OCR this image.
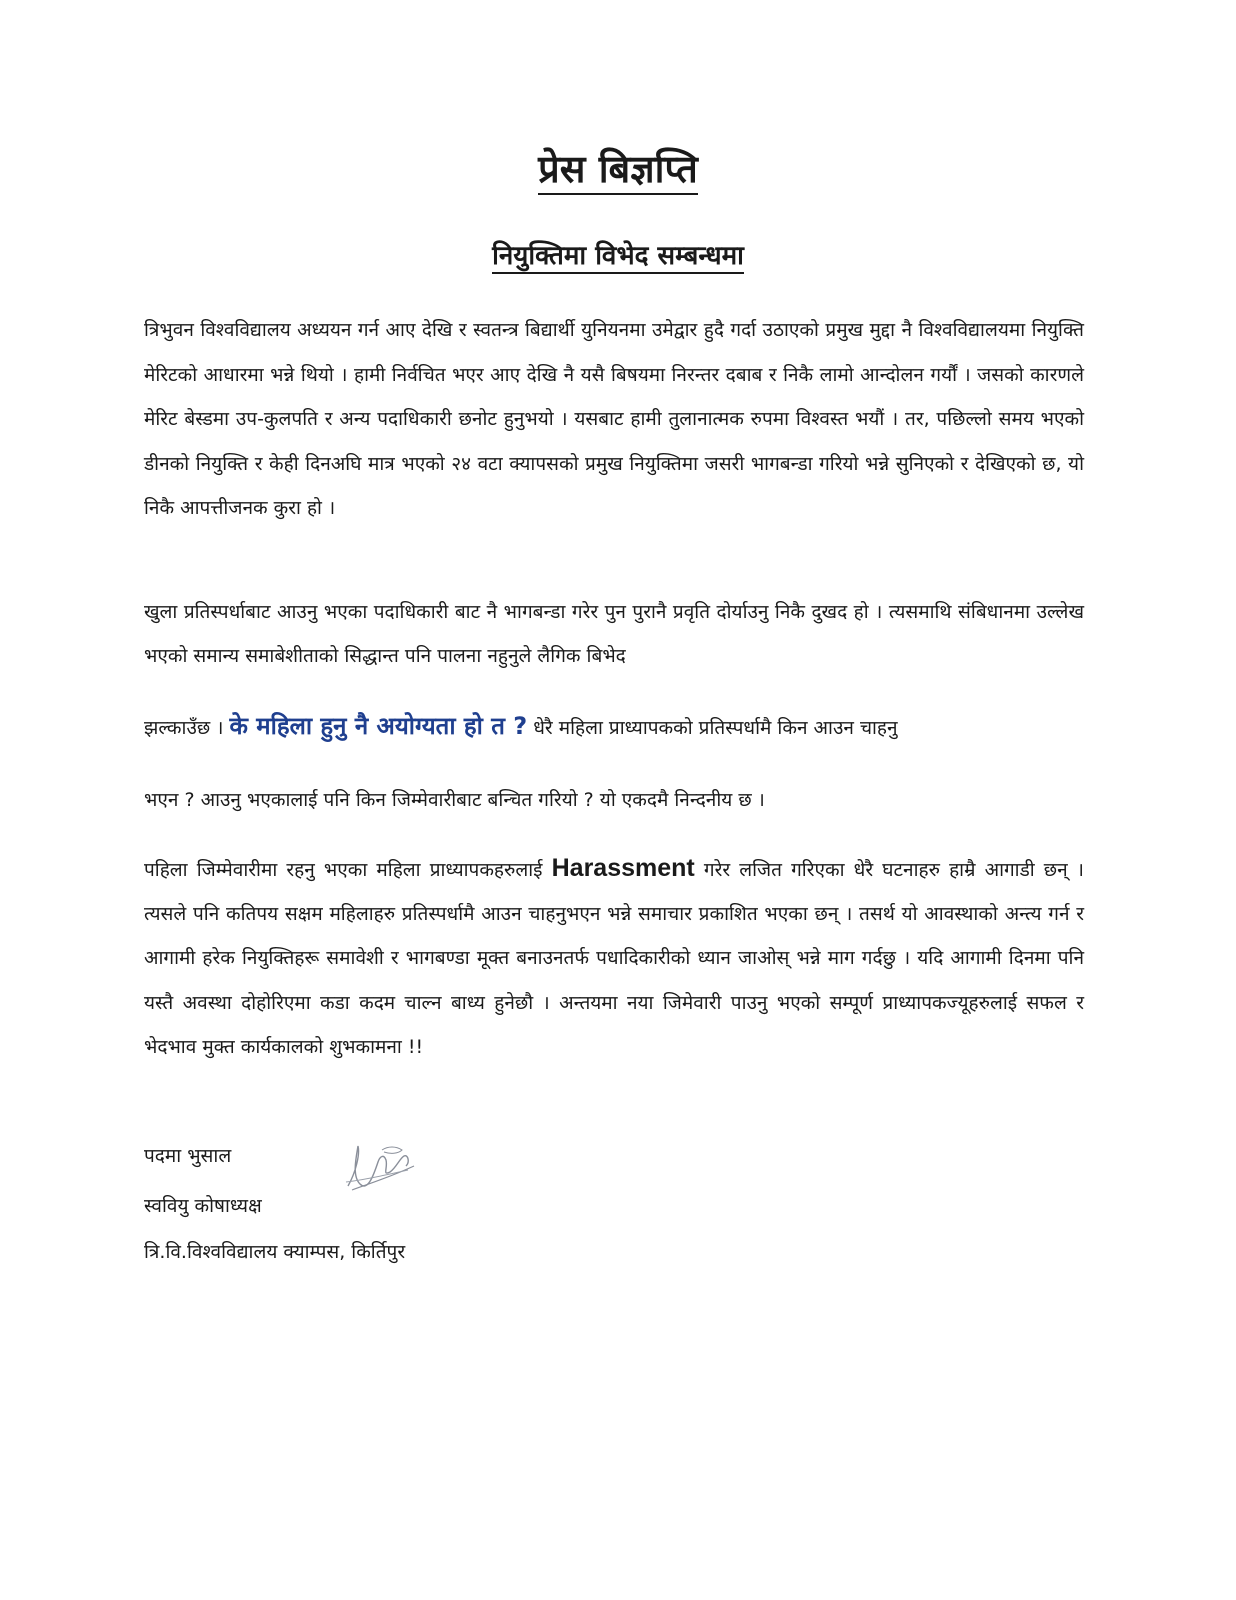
प्रेस बिज्ञप्ति
नियुक्तिमा विभेद सम्बन्धमा

त्रिभुवन विश्वविद्यालय अध्ययन गर्न आए देखि र स्वतन्त्र बिद्यार्थी युनियनमा उमेद्वार हुदै गर्दा उठाएको प्रमुख मुद्दा नै विश्वविद्यालयमा नियुक्ति मेरिटको आधारमा भन्ने थियो । हामी निर्वचित भएर आए देखि नै यसै बिषयमा निरन्तर दबाब र निकै लामो आन्दोलन गर्यौं । जसको कारणले मेरिट बेस्डमा उप-कुलपति र अन्य पदाधिकारी छनोट हुनुभयो । यसबाट हामी तुलानात्मक रुपमा विश्वस्त भयौं । तर, पछिल्लो समय भएको डीनको नियुक्ति र केही दिनअघि मात्र भएको २४ वटा क्यापसको प्रमुख नियुक्तिमा जसरी भागबन्डा गरियो भन्ने सुनिएको र देखिएको छ, यो निकै आपत्तीजनक कुरा हो ।

खुला प्रतिस्पर्धाबाट आउनु भएका पदाधिकारी बाट नै भागबन्डा गरेर पुन पुरानै प्रवृति दोर्याउनु निकै दुखद हो । त्यसमाथि संबिधानमा उल्लेख भएको समान्य समाबेशीताको सिद्धान्त पनि पालना नहुनुले लैगिक बिभेद

झल्काउँछ । के महिला हुनु नै अयोग्यता हो त ? धेरै महिला प्राध्यापकको प्रतिस्पर्धामै किन आउन चाहनु

भएन ? आउनु भएकालाई पनि किन जिम्मेवारीबाट बन्चित गरियो ? यो एकदमै निन्दनीय छ ।

पहिला जिम्मेवारीमा रहनु भएका महिला प्राध्यापकहरुलाई Harassment गरेर लजित गरिएका धेरै घटनाहरु हाम्रै आगाडी छन् । त्यसले पनि कतिपय सक्षम महिलाहरु प्रतिस्पर्धामै आउन चाहनुभएन भन्ने समाचार प्रकाशित भएका छन् । तसर्थ यो आवस्थाको अन्त्य गर्न र आगामी हरेक नियुक्तिहरू समावेशी र भागबण्डा मूक्त बनाउनतर्फ पधादिकारीको ध्यान जाओस् भन्ने माग गर्दछु । यदि आगामी दिनमा पनि यस्तै अवस्था दोहोरिएमा कडा कदम चाल्न बाध्य हुनेछौ । अन्तयमा नया जिमेवारी पाउनु भएको सम्पूर्ण प्राध्यापकज्यूहरुलाई सफल र भेदभाव मुक्त कार्यकालको शुभकामना !!

पदमा भुसाल

स्ववियु कोषाध्यक्ष

त्रि.वि.विश्वविद्यालय क्याम्पस, किर्तिपुर
